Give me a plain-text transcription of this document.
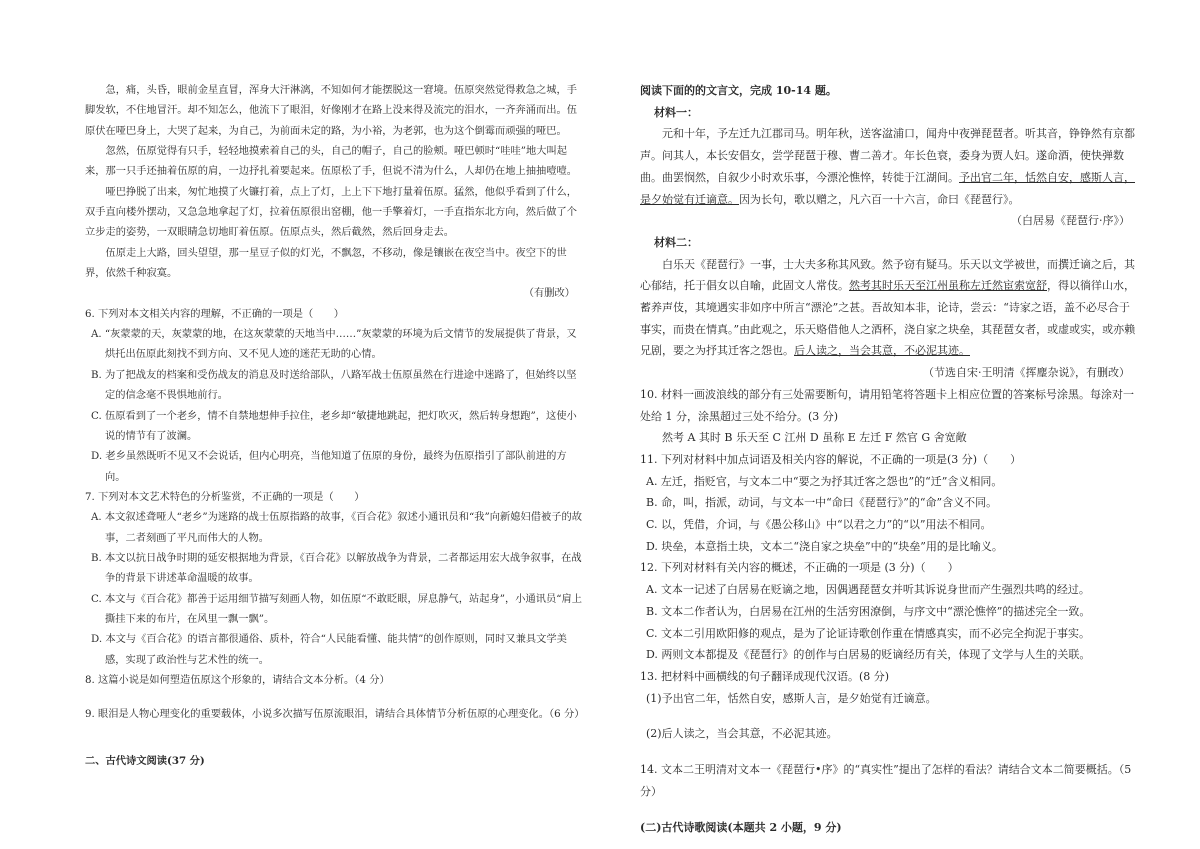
急，痛，头昏，眼前金星直冒，浑身大汗淋漓，不知如何才能摆脱这一窘境。伍原突然觉得救急之城，手脚发软，不住地冒汗。却不知怎么，他流下了眼泪，好像刚才在路上没来得及流完的泪水，一齐奔涌而出。伍原伏在哑巴身上，大哭了起来，为自己，为前面未定的路，为小裕，为老郭，也为这个倒霉而顽强的哑巴。

忽然，伍原觉得有只手，轻轻地摸索着自己的头，自己的帽子，自己的脸颊。哑巴顿时“哇哇”地大叫起来，那一只手还抽着伍原的肩，一边抒扎着要起来。伍原松了手，但说不清为什么，人却仍在地上抽抽噎噎。

哑巴挣脱了出来，匆忙地摸了火镰打着，点上了灯，上上下下地打量着伍原。猛然，他似乎看到了什么，双手直向楼外摆动，又急急地拿起了灯，拉着伍原很出窑棚，他一手擎着灯，一手直指东北方向，然后做了个立步走的姿势，一双眼睛急切地盯着伍原。伍原点头，然后截然，然后回身走去。

伍原走上大路，回头望望，那一星豆子似的灯光，不飘忽，不移动，像是镶嵌在夜空当中。夜空下的世界，依然千种寂寞。

（有删改）

6. 下列对本文相关内容的理解，不正确的一项是（　　）

A. “灰蒙蒙的天，灰蒙蒙的地，在这灰蒙蒙的天地当中……”灰蒙蒙的环境为后文情节的发展提供了背景，又烘托出伍原此刻找不到方向、又不见人迹的迷茫无助的心情。

B. 为了把战友的档案和受伤战友的消息及时送给部队，八路军战士伍原虽然在行进途中迷路了，但始终以坚定的信念毫不畏惧地前行。

C. 伍原看到了一个老乡，情不自禁地想伸手拉住，老乡却“敏捷地跳起，把灯吹灭，然后转身想跑”，这使小说的情节有了波澜。

D. 老乡虽然既听不见又不会说话，但内心明亮，当他知道了伍原的身份，最终为伍原指引了部队前进的方向。

7. 下列对本文艺术特色的分析鉴赏，不正确的一项是（　　）

A. 本文叙述聋哑人“老乡”为迷路的战士伍原指路的故事，《百合花》叙述小通讯员和“我”向新媳妇借被子的故事，二者刻画了平凡而伟大的人物。

B. 本文以抗日战争时期的延安根据地为背景，《百合花》以解放战争为背景，二者都运用宏大战争叙事，在战争的背景下讲述革命温暖的故事。

C. 本文与《百合花》都善于运用细节描写刻画人物，如伍原“不敢眨眼，屏息静气，站起身”，小通讯员“肩上撕挂下来的布片，在风里一飘一飘”。

D. 本文与《百合花》的语言都很通俗、质朴，符合“人民能看懂、能共情”的创作原则，同时又兼具文学美感，实现了政治性与艺术性的统一。

8. 这篇小说是如何塑造伍原这个形象的，请结合文本分析。（4 分）

9. 眼泪是人物心理变化的重要载体，小说多次描写伍原流眼泪，请结合具体情节分析伍原的心理变化。（6 分）

二、古代诗文阅读(37 分)

阅读下面的的文言文，完成 10-14 题。

材料一：

元和十年，予左迁九江郡司马。明年秋，送客湓浦口，闻舟中夜弹琵琶者。听其音，铮铮然有京都声。问其人，本长安倡女，尝学琵琶于穆、曹二善才。年长色衰，委身为贾人妇。遂命酒，使快弹数曲。曲罢悯然，自叙少小时欢乐事，今漂沦憔悴，转徙于江湖间。予出官二年，恬然自安，感斯人言，是夕始觉有迁谪意。因为长句，歌以赠之，凡六百一十六言，命曰《琵琶行》。

（白居易《琵琶行·序》）

材料二：

白乐天《琵琶行》一事，士大夫多称其风致。然予窃有疑马。乐天以文学被世，而撰迁谪之后，其心郁结，托于倡女以自喻，此固文人常伎。然考其时乐天至江州虽称左迁然宦索宽舒，得以徜徉山水，蓄养声伎，其境遇实非如序中所言“漂沦”之甚。吾故知本非，论诗，尝云：“诗家之语，盖不必尽合于事实，而贵在情真。”由此观之，乐天赂借他人之酒杯，浇自家之块垒，其琵琶女者，或虚或实，或亦赖兄剧，要之为抒其迁客之怨也。后人读之，当会其意，不必泥其迹。

（节选自宋·王明清《挥麈杂说》，有删改）

10. 材料一画波浪线的部分有三处需要断句，请用铅笔将答题卡上相应位置的答案标号涂黑。每涂对一处给 1 分，涂黑超过三处不给分。(3 分)

然考 A 其时 B 乐天至 C 江州 D 虽称 E 左迁 F 然官 G 舍宽敞

11. 下列对材料中加点词语及相关内容的解说，不正确的一项是(3 分)（　　）

A. 左迁，指贬官，与文本二中“要之为抒其迁客之怨也”的“迁”含义相同。

B. 命，叫，指派，动词，与文本一中“命曰《琵琶行》”的“命”含义不同。

C. 以，凭借，介词，与《愚公移山》中“以君之力”的“以”用法不相同。

D. 块垒，本意指土块，文本二“浇自家之块垒”中的“块垒”用的是比喻义。

12. 下列对材料有关内容的概述，不正确的一项是 (3 分)（　　）

A. 文本一记述了白居易在贬谪之地，因偶遇琵琶女并听其诉说身世而产生强烈共鸣的经过。

B. 文本二作者认为，白居易在江州的生活穷困潦倒，与序文中“漂沦憔悴”的描述完全一致。

C. 文本二引用欧阳修的观点，是为了论证诗歌创作重在情感真实，而不必完全拘泥于事实。

D. 两则文本都提及《琵琶行》的创作与白居易的贬谪经历有关，体现了文学与人生的关联。

13. 把材料中画横线的句子翻译成现代汉语。(8 分)

(1)予出官二年，恬然自安，感斯人言，是夕始觉有迁谪意。

(2)后人读之，当会其意，不必泥其迹。

14. 文本二王明清对文本一《琵琶行•序》的“真实性”提出了怎样的看法？请结合文本二简要概括。（5 分）

(二)古代诗歌阅读(本题共 2 小题，9 分)
